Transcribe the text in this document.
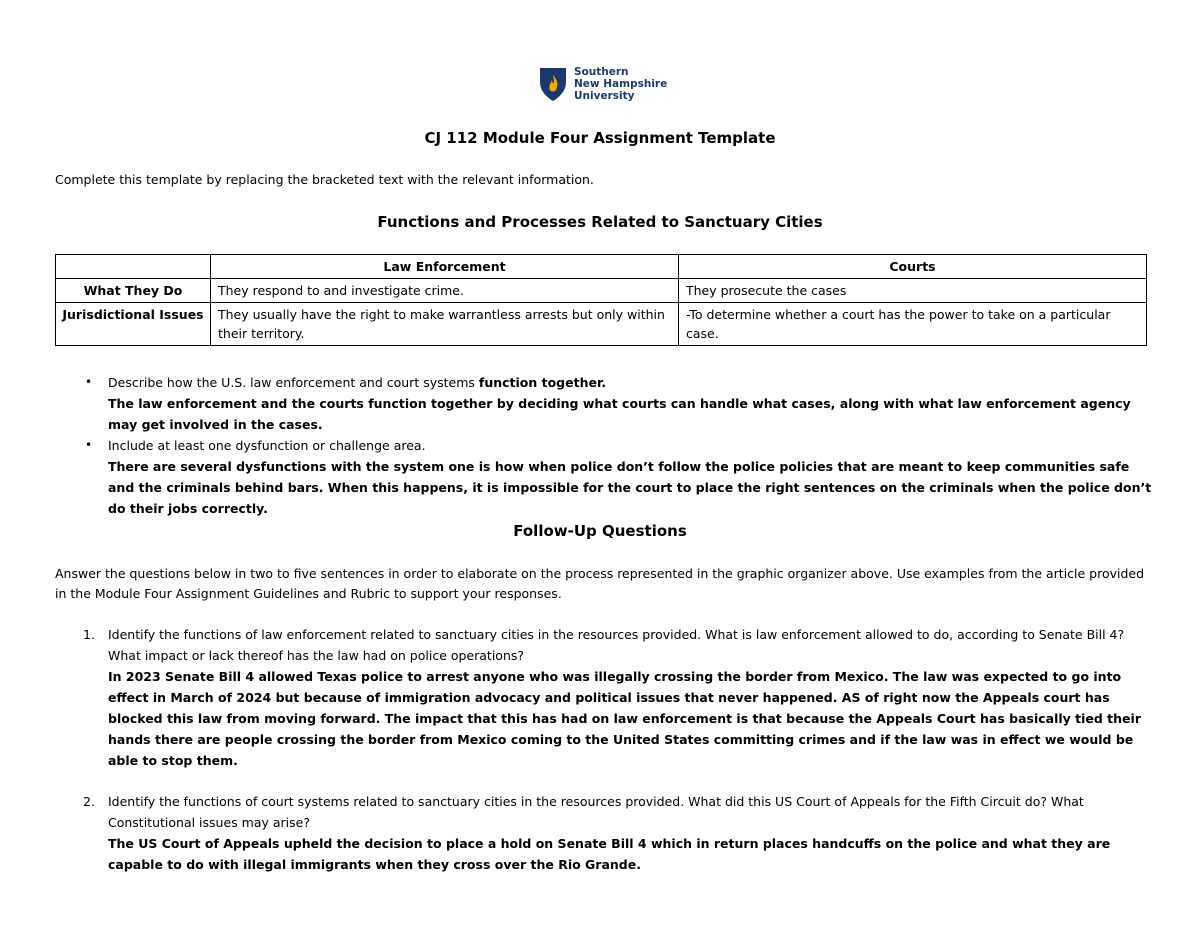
Southern
New Hampshire
University
CJ 112 Module Four Assignment Template
Complete this template by replacing the bracketed text with the relevant information.
Functions and Processes Related to Sanctuary Cities
	Law Enforcement	Courts
What They Do	They respond to and investigate crime.	They prosecute the cases
Jurisdictional Issues	They usually have the right to make warrantless arrests but only within their territory.	-To determine whether a court has the power to take on a particular case.
• Describe how the U.S. law enforcement and court systems function together.
The law enforcement and the courts function together by deciding what courts can handle what cases, along with what law enforcement agency may get involved in the cases.
• Include at least one dysfunction or challenge area.
There are several dysfunctions with the system one is how when police don’t follow the police policies that are meant to keep communities safe and the criminals behind bars. When this happens, it is impossible for the court to place the right sentences on the criminals when the police don’t do their jobs correctly.
Follow-Up Questions
Answer the questions below in two to five sentences in order to elaborate on the process represented in the graphic organizer above. Use examples from the article provided in the Module Four Assignment Guidelines and Rubric to support your responses.
1. Identify the functions of law enforcement related to sanctuary cities in the resources provided. What is law enforcement allowed to do, according to Senate Bill 4? What impact or lack thereof has the law had on police operations?
In 2023 Senate Bill 4 allowed Texas police to arrest anyone who was illegally crossing the border from Mexico. The law was expected to go into effect in March of 2024 but because of immigration advocacy and political issues that never happened. AS of right now the Appeals court has blocked this law from moving forward. The impact that this has had on law enforcement is that because the Appeals Court has basically tied their hands there are people crossing the border from Mexico coming to the United States committing crimes and if the law was in effect we would be able to stop them.
2. Identify the functions of court systems related to sanctuary cities in the resources provided. What did this US Court of Appeals for the Fifth Circuit do? What Constitutional issues may arise?
The US Court of Appeals upheld the decision to place a hold on Senate Bill 4 which in return places handcuffs on the police and what they are capable to do with illegal immigrants when they cross over the Rio Grande.
